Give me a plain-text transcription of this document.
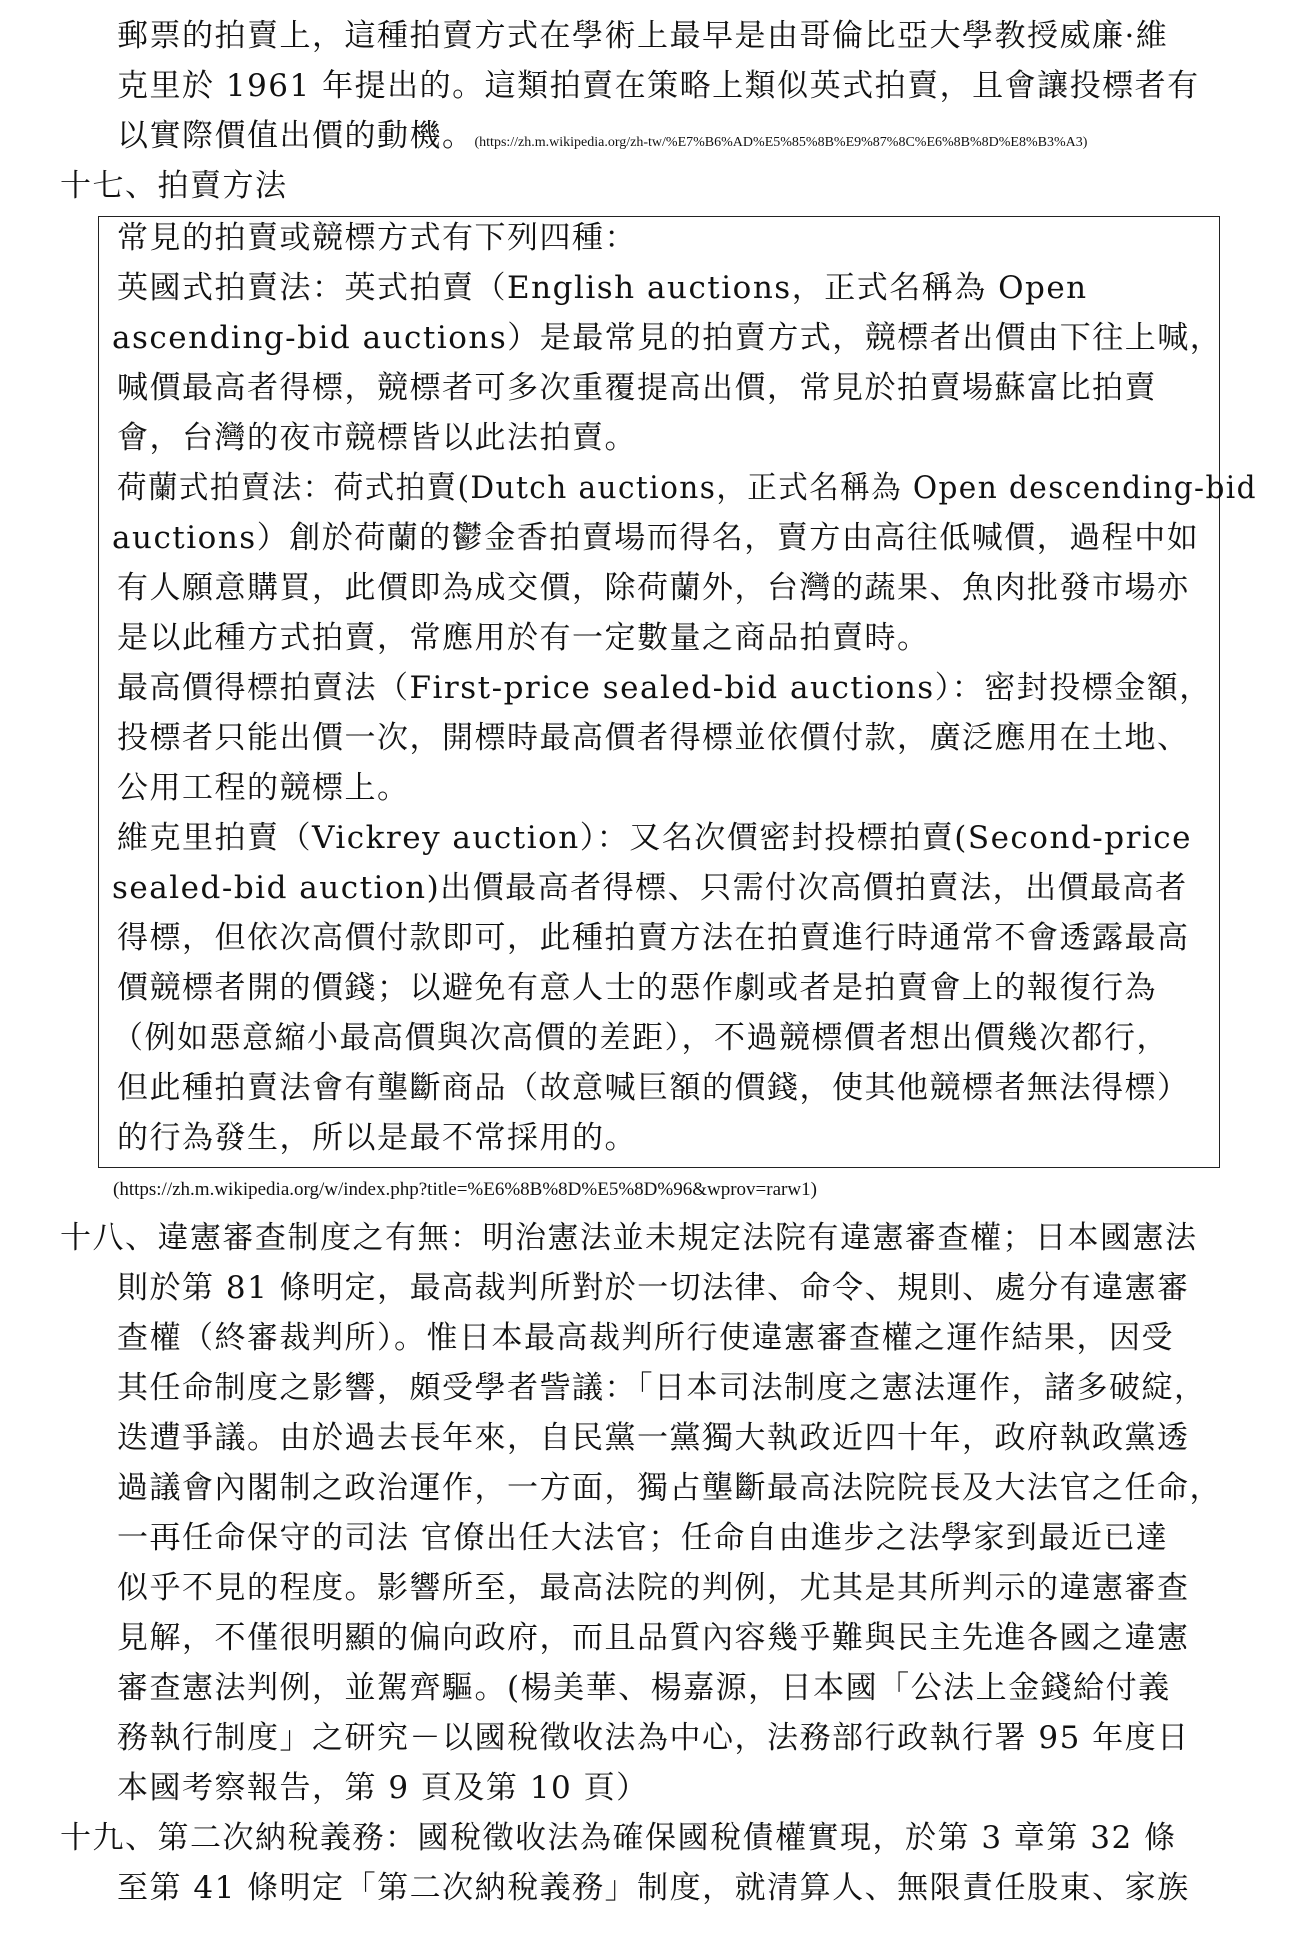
郵票的拍賣上，這種拍賣方式在學術上最早是由哥倫比亞大學教授威廉·維
克里於 1961 年提出的。這類拍賣在策略上類似英式拍賣，且會讓投標者有
以實際價值出價的動機。(https://zh.m.wikipedia.org/zh-tw/%E7%B6%AD%E5%85%8B%E9%87%8C%E6%8B%8D%E8%B3%A3)
十七、拍賣方法
常見的拍賣或競標方式有下列四種：
英國式拍賣法：英式拍賣（English auctions，正式名稱為 Open
ascending-bid auctions）是最常見的拍賣方式，競標者出價由下往上喊，
喊價最高者得標，競標者可多次重覆提高出價，常見於拍賣場蘇富比拍賣
會，台灣的夜市競標皆以此法拍賣。
荷蘭式拍賣法：荷式拍賣(Dutch auctions，正式名稱為 Open descending-bid
auctions）創於荷蘭的鬱金香拍賣場而得名，賣方由高往低喊價，過程中如
有人願意購買，此價即為成交價，除荷蘭外，台灣的蔬果、魚肉批發市場亦
是以此種方式拍賣，常應用於有一定數量之商品拍賣時。
最高價得標拍賣法（First-price sealed-bid auctions）：密封投標金額，
投標者只能出價一次，開標時最高價者得標並依價付款，廣泛應用在土地、
公用工程的競標上。
維克里拍賣（Vickrey auction）：又名次價密封投標拍賣(Second-price
sealed-bid auction)出價最高者得標、只需付次高價拍賣法，出價最高者
得標，但依次高價付款即可，此種拍賣方法在拍賣進行時通常不會透露最高
價競標者開的價錢；以避免有意人士的惡作劇或者是拍賣會上的報復行為
（例如惡意縮小最高價與次高價的差距），不過競標價者想出價幾次都行，
但此種拍賣法會有壟斷商品（故意喊巨額的價錢，使其他競標者無法得標）
的行為發生，所以是最不常採用的。
(https://zh.m.wikipedia.org/w/index.php?title=%E6%8B%8D%E5%8D%96&wprov=rarw1)
十八、違憲審查制度之有無：明治憲法並未規定法院有違憲審查權；日本國憲法
則於第 81 條明定，最高裁判所對於一切法律、命令、規則、處分有違憲審
查權（終審裁判所）。惟日本最高裁判所行使違憲審查權之運作結果，因受
其任命制度之影響，頗受學者訾議：「日本司法制度之憲法運作，諸多破綻，
迭遭爭議。由於過去長年來，自民黨一黨獨大執政近四十年，政府執政黨透
過議會內閣制之政治運作，一方面，獨占壟斷最高法院院長及大法官之任命，
一再任命保守的司法 官僚出任大法官；任命自由進步之法學家到最近已達
似乎不見的程度。影響所至，最高法院的判例，尤其是其所判示的違憲審查
見解，不僅很明顯的偏向政府，而且品質內容幾乎難與民主先進各國之違憲
審查憲法判例，並駕齊驅。(楊美華、楊嘉源，日本國「公法上金錢給付義
務執行制度」之研究－以國稅徵收法為中心，法務部行政執行署 95 年度日
本國考察報告，第 9 頁及第 10 頁）
十九、第二次納稅義務：國稅徵收法為確保國稅債權實現，於第 3 章第 32 條
至第 41 條明定「第二次納稅義務」制度，就清算人、無限責任股東、家族
